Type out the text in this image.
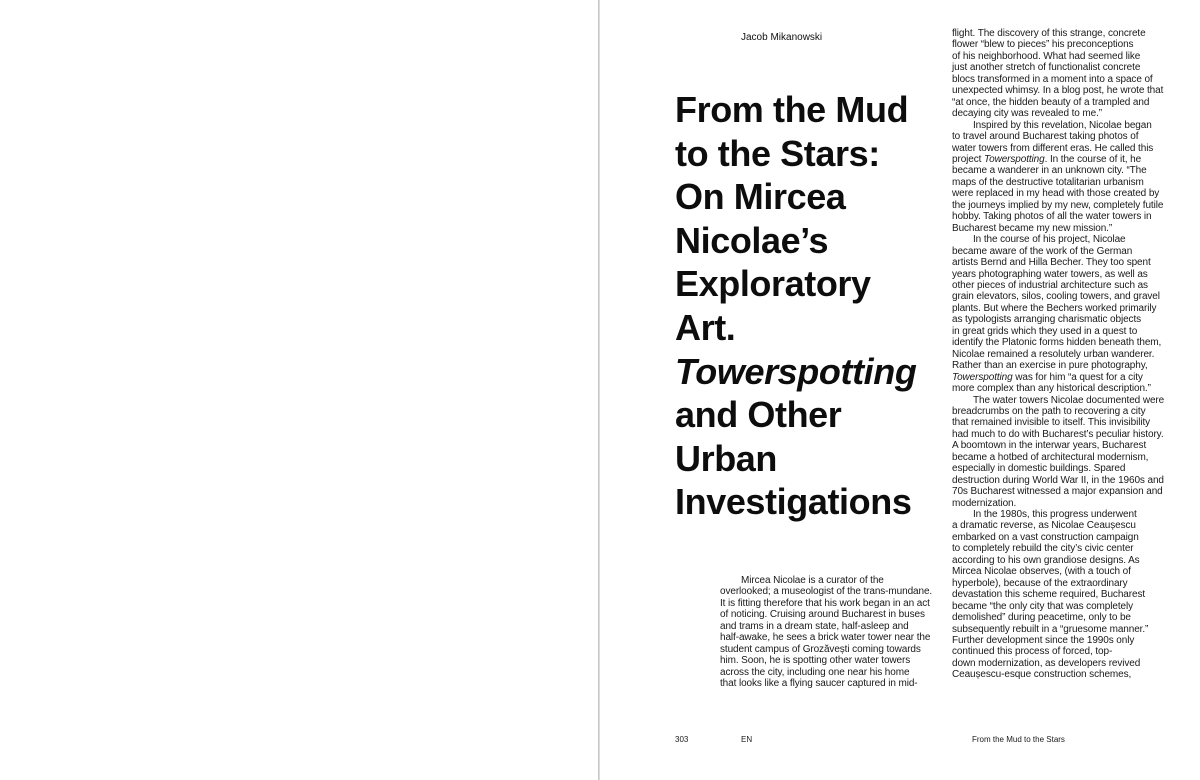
Jacob Mikanowski
From the Mud
to the Stars:
On Mircea
Nicolae’s
Exploratory
Art.
Towerspotting
and Other
Urban
Investigations
Mircea Nicolae is a curator of the
overlooked; a museologist of the trans-mundane.
It is fitting therefore that his work began in an act
of noticing. Cruising around Bucharest in buses
and trams in a dream state, half-asleep and
half-awake, he sees a brick water tower near the
student campus of Grozăvești coming towards
him. Soon, he is spotting other water towers
across the city, including one near his home
that looks like a flying saucer captured in mid-
flight. The discovery of this strange, concrete
flower “blew to pieces” his preconceptions
of his neighborhood. What had seemed like
just another stretch of functionalist concrete
blocs transformed in a moment into a space of
unexpected whimsy. In a blog post, he wrote that
“at once, the hidden beauty of a trampled and
decaying city was revealed to me.”
Inspired by this revelation, Nicolae began
to travel around Bucharest taking photos of
water towers from different eras. He called this
project Towerspotting. In the course of it, he
became a wanderer in an unknown city. “The
maps of the destructive totalitarian urbanism
were replaced in my head with those created by
the journeys implied by my new, completely futile
hobby. Taking photos of all the water towers in
Bucharest became my new mission.”
In the course of his project, Nicolae
became aware of the work of the German
artists Bernd and Hilla Becher. They too spent
years photographing water towers, as well as
other pieces of industrial architecture such as
grain elevators, silos, cooling towers, and gravel
plants. But where the Bechers worked primarily
as typologists arranging charismatic objects
in great grids which they used in a quest to
identify the Platonic forms hidden beneath them,
Nicolae remained a resolutely urban wanderer.
Rather than an exercise in pure photography,
Towerspotting was for him “a quest for a city
more complex than any historical description.”
The water towers Nicolae documented were
breadcrumbs on the path to recovering a city
that remained invisible to itself. This invisibility
had much to do with Bucharest’s peculiar history.
A boomtown in the interwar years, Bucharest
became a hotbed of architectural modernism,
especially in domestic buildings. Spared
destruction during World War II, in the 1960s and
70s Bucharest witnessed a major expansion and
modernization.
In the 1980s, this progress underwent
a dramatic reverse, as Nicolae Ceaușescu
embarked on a vast construction campaign
to completely rebuild the city’s civic center
according to his own grandiose designs. As
Mircea Nicolae observes, (with a touch of
hyperbole), because of the extraordinary
devastation this scheme required, Bucharest
became “the only city that was completely
demolished” during peacetime, only to be
subsequently rebuilt in a “gruesome manner.”
Further development since the 1990s only
continued this process of forced, top-
down modernization, as developers revived
Ceaușescu-esque construction schemes,
303	EN	From the Mud to the Stars
